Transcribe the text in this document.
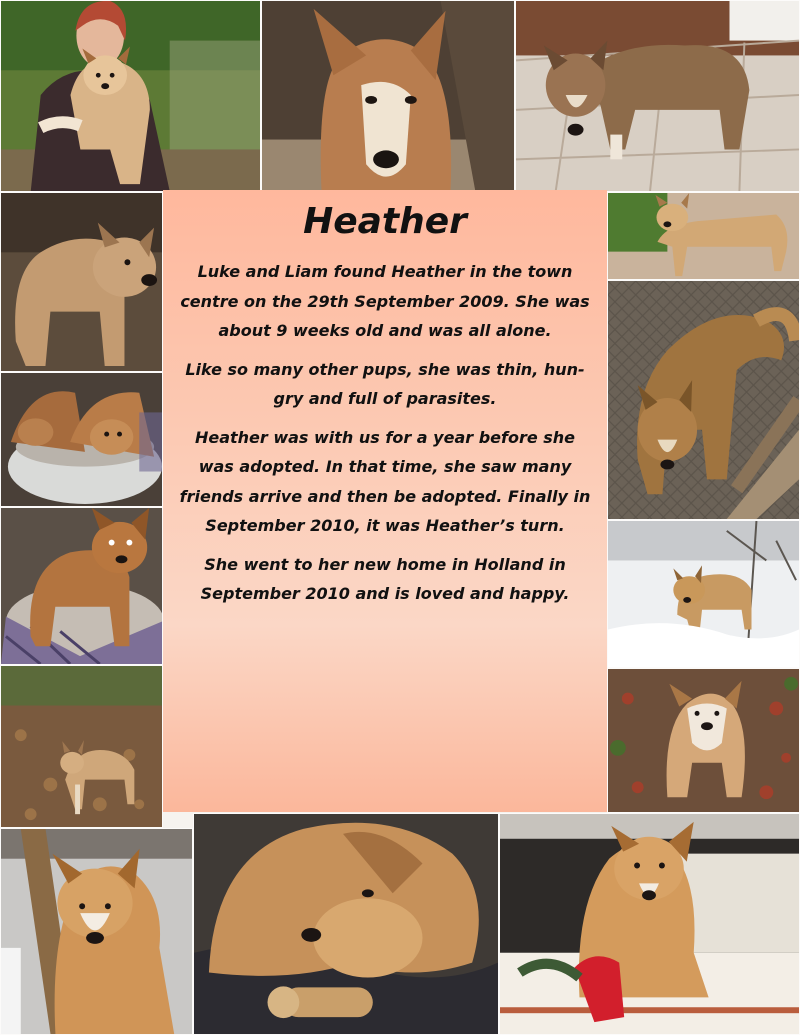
Heather

Luke and Liam found Heather in the town centre on the 29th September 2009. She was about 9 weeks old and was all alone.

Like so many other pups, she was thin, hun-gry and full of parasites.

Heather was with us for a year before she was adopted. In that time, she saw many friends arrive and then be adopted. Finally in September 2010, it was Heather’s turn.

She went to her new home in Holland in September 2010 and is loved and happy.
